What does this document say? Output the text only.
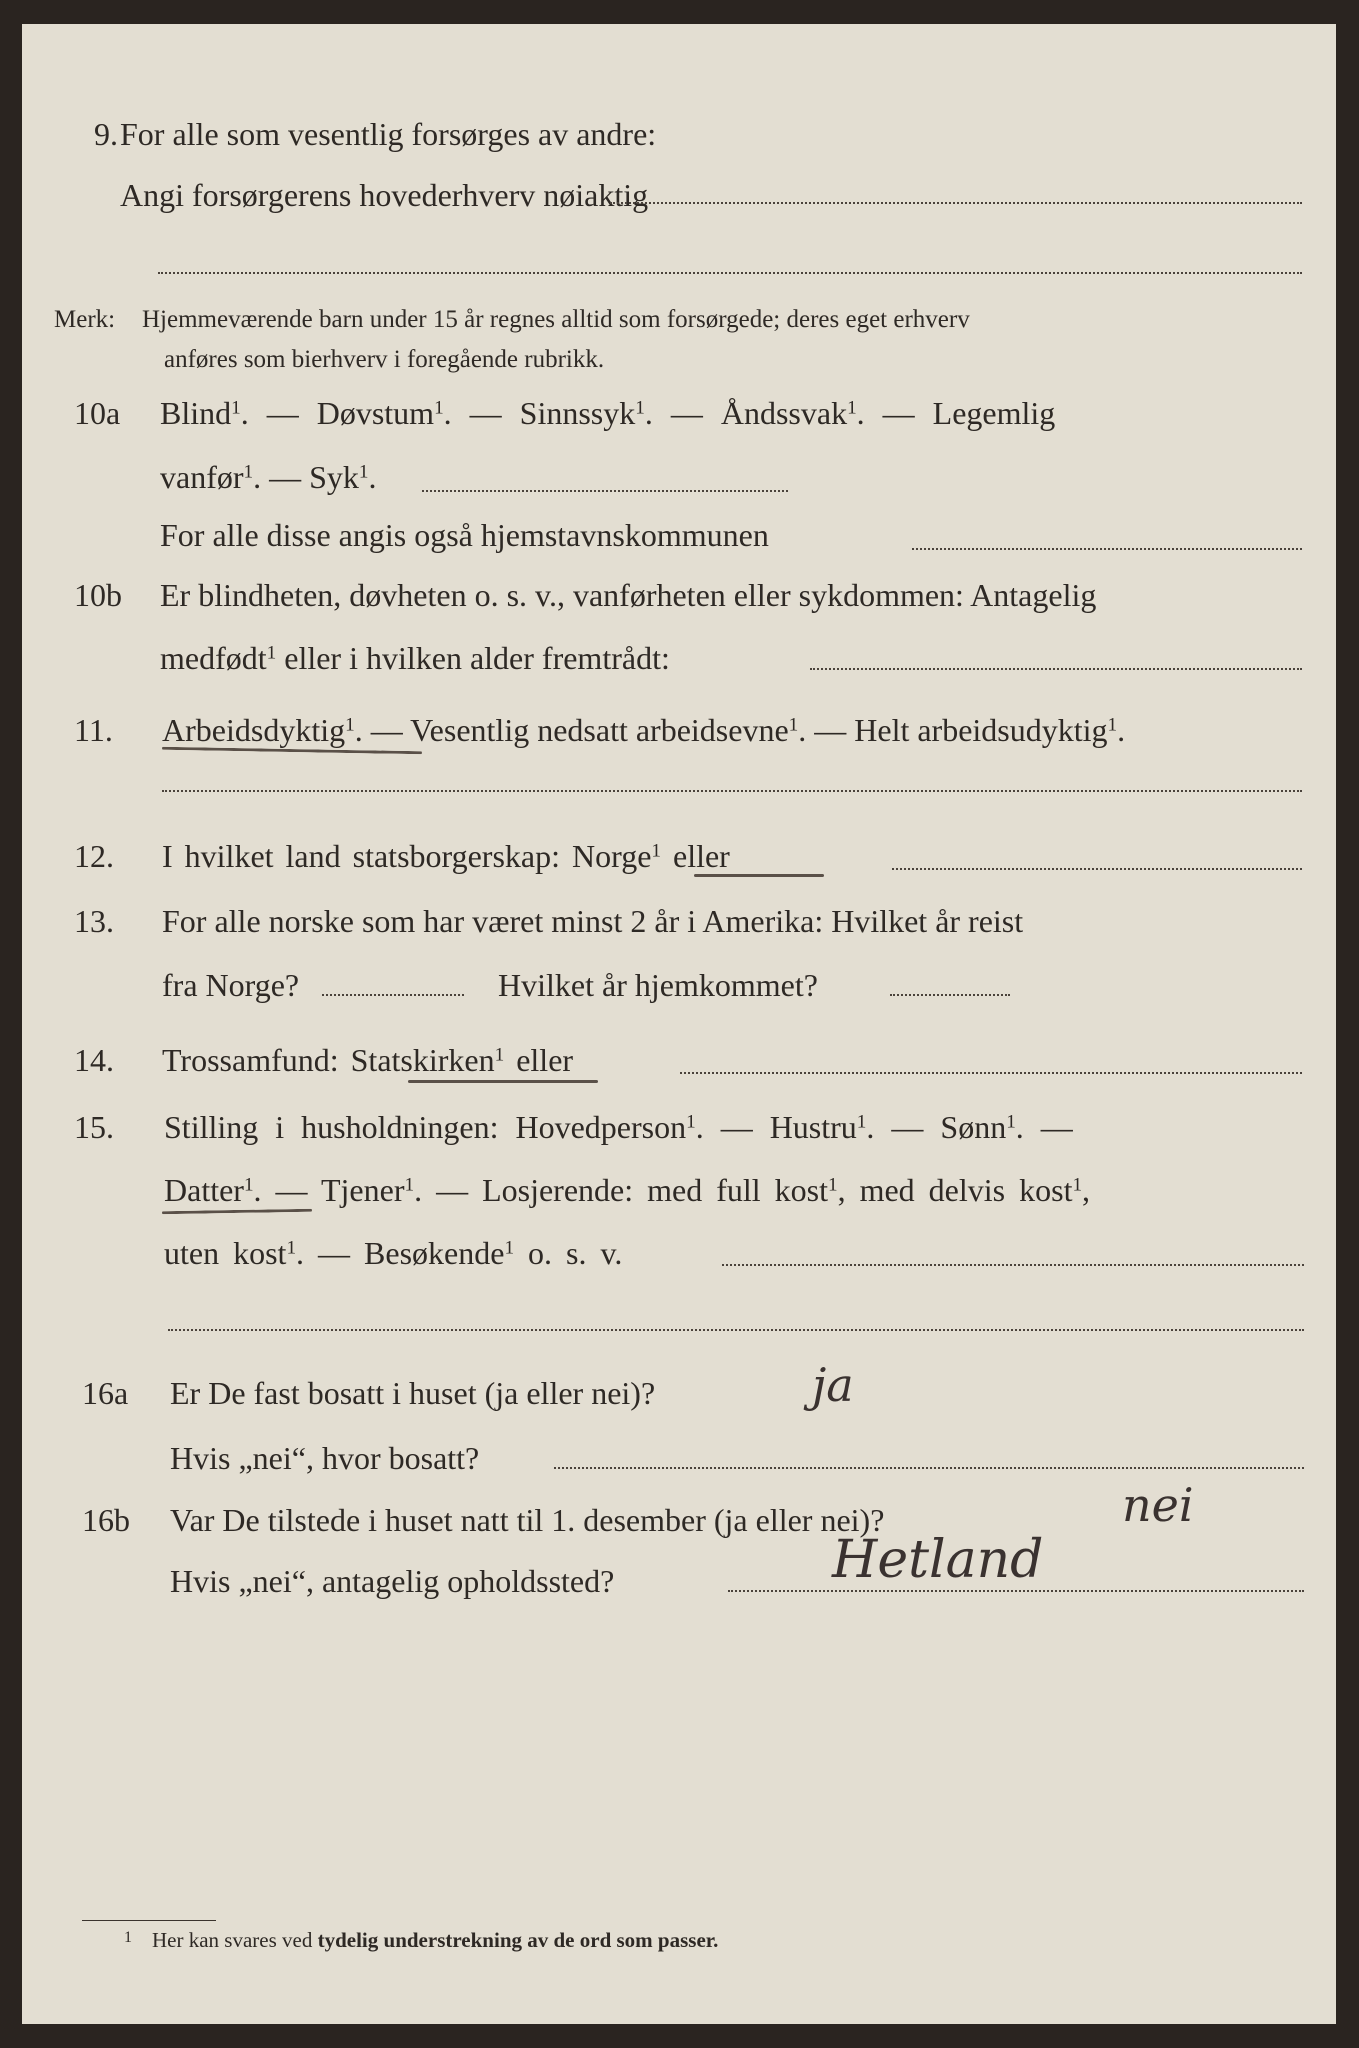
9. For alle som vesentlig forsørges av andre:
Angi forsørgerens hovederhverv nøiaktig
Merk: Hjemmeværende barn under 15 år regnes alltid som forsørgede; deres eget erhverv
anføres som bierhverv i foregående rubrikk.
10a Blind$^1$. — Døvstum$^1$. — Sinnssyk$^1$. — Åndssvak$^1$. — Legemlig
vanfør$^1$. — Syk$^1$.
For alle disse angis også hjemstavnskommunen
10b Er blindheten, døvheten o. s. v., vanførheten eller sykdommen: Antagelig
medfødt$^1$ eller i hvilken alder fremtrådt:
11. Arbeidsdyktig$^1$. — Vesentlig nedsatt arbeidsevne$^1$. — Helt arbeidsudyktig$^1$.
12. I hvilket land statsborgerskap: Norge$^1$ eller
13. For alle norske som har været minst 2 år i Amerika: Hvilket år reist
fra Norge?	Hvilket år hjemkommet?
14. Trossamfund: Statskirken$^1$ eller
15. Stilling i husholdningen: Hovedperson$^1$. — Hustru$^1$. — Sønn$^1$. —
Datter$^1$. — Tjener$^1$. — Losjerende: med full kost$^1$, med delvis kost$^1$,
uten kost$^1$. — Besøkende$^1$ o. s. v.
16a Er De fast bosatt i huset (ja eller nei)?	ja
Hvis „nei“, hvor bosatt?
16b Var De tilstede i huset natt til 1. desember (ja eller nei)?	nei
Hvis „nei“, antagelig opholdssted?	Hetland
1 Her kan svares ved tydelig understrekning av de ord som passer.
